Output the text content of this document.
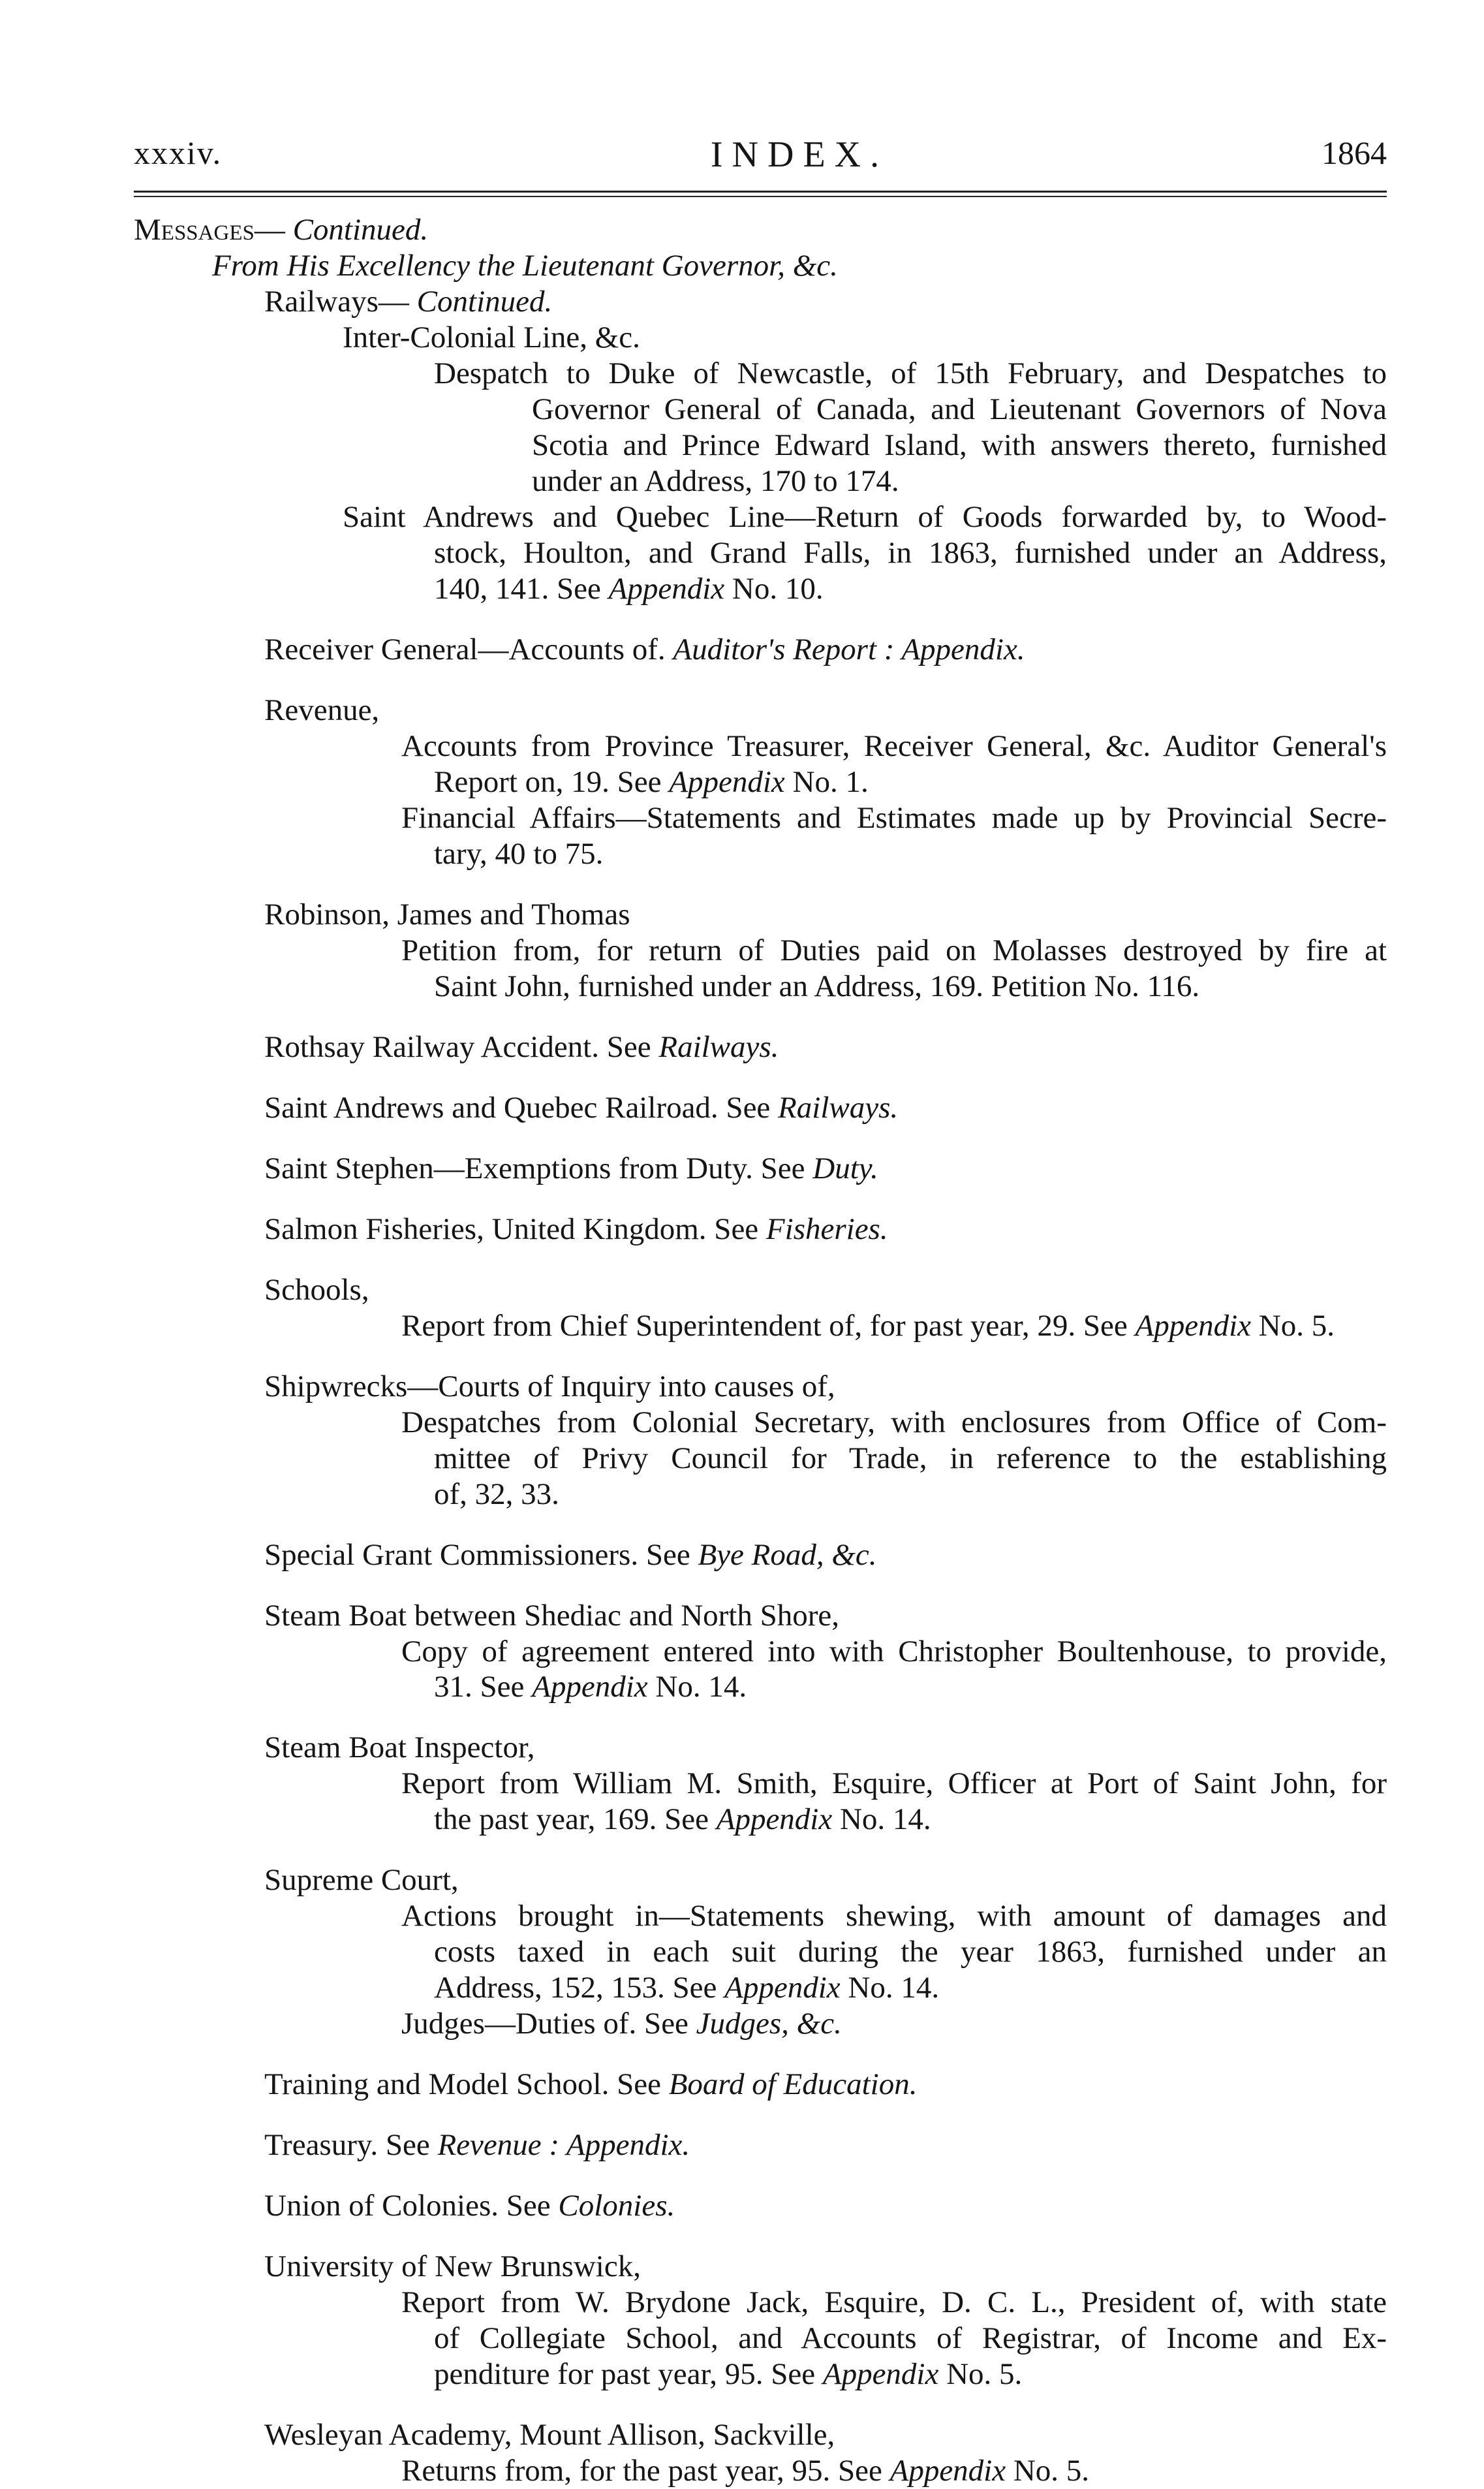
xxxiv.	INDEX.	1864
Messages— Continued.
From His Excellency the Lieutenant Governor, &c.
Railways— Continued.
Inter-Colonial Line, &c.
Despatch to Duke of Newcastle, of 15th February, and Despatches to
Governor General of Canada, and Lieutenant Governors of Nova
Scotia and Prince Edward Island, with answers thereto, furnished
under an Address, 170 to 174.
Saint Andrews and Quebec Line—Return of Goods forwarded by, to Wood-
stock, Houlton, and Grand Falls, in 1863, furnished under an Address,
140, 141. See Appendix No. 10.
Receiver General—Accounts of. Auditor's Report : Appendix.
Revenue,
Accounts from Province Treasurer, Receiver General, &c. Auditor General's
Report on, 19. See Appendix No. 1.
Financial Affairs—Statements and Estimates made up by Provincial Secre-
tary, 40 to 75.
Robinson, James and Thomas
Petition from, for return of Duties paid on Molasses destroyed by fire at
Saint John, furnished under an Address, 169. Petition No. 116.
Rothsay Railway Accident. See Railways.
Saint Andrews and Quebec Railroad. See Railways.
Saint Stephen—Exemptions from Duty. See Duty.
Salmon Fisheries, United Kingdom. See Fisheries.
Schools,
Report from Chief Superintendent of, for past year, 29. See Appendix No. 5.
Shipwrecks—Courts of Inquiry into causes of,
Despatches from Colonial Secretary, with enclosures from Office of Com-
mittee of Privy Council for Trade, in reference to the establishing
of, 32, 33.
Special Grant Commissioners. See Bye Road, &c.
Steam Boat between Shediac and North Shore,
Copy of agreement entered into with Christopher Boultenhouse, to provide,
31. See Appendix No. 14.
Steam Boat Inspector,
Report from William M. Smith, Esquire, Officer at Port of Saint John, for
the past year, 169. See Appendix No. 14.
Supreme Court,
Actions brought in—Statements shewing, with amount of damages and
costs taxed in each suit during the year 1863, furnished under an
Address, 152, 153. See Appendix No. 14.
Judges—Duties of. See Judges, &c.
Training and Model School. See Board of Education.
Treasury. See Revenue : Appendix.
Union of Colonies. See Colonies.
University of New Brunswick,
Report from W. Brydone Jack, Esquire, D. C. L., President of, with state
of Collegiate School, and Accounts of Registrar, of Income and Ex-
penditure for past year, 95. See Appendix No. 5.
Wesleyan Academy, Mount Allison, Sackville,
Returns from, for the past year, 95. See Appendix No. 5.
